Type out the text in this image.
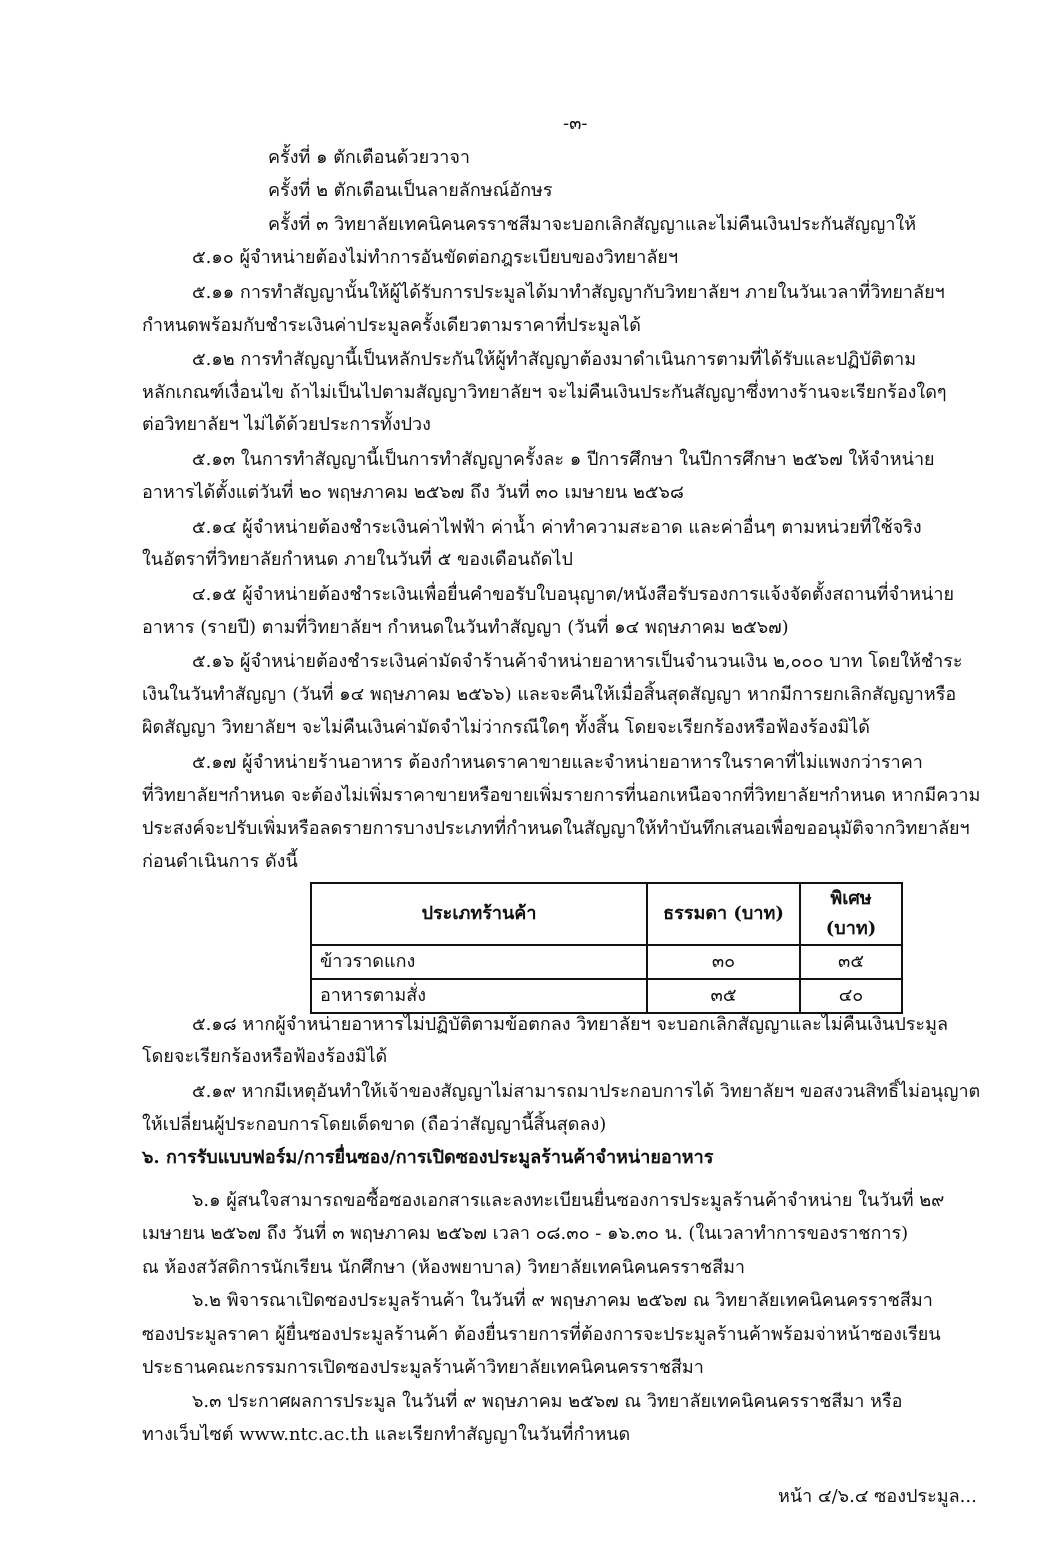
-๓-
ครั้งที่ ๑ ตักเตือนด้วยวาจา
ครั้งที่ ๒ ตักเตือนเป็นลายลักษณ์อักษร
ครั้งที่ ๓ วิทยาลัยเทคนิคนครราชสีมาจะบอกเลิกสัญญาและไม่คืนเงินประกันสัญญาให้
๕.๑๐ ผู้จำหน่ายต้องไม่ทำการอันขัดต่อกฎระเบียบของวิทยาลัยฯ
๕.๑๑ การทำสัญญานั้นให้ผู้ได้รับการประมูลได้มาทำสัญญากับวิทยาลัยฯ ภายในวันเวลาที่วิทยาลัยฯ
กำหนดพร้อมกับชำระเงินค่าประมูลครั้งเดียวตามราคาที่ประมูลได้
๕.๑๒ การทำสัญญานี้เป็นหลักประกันให้ผู้ทำสัญญาต้องมาดำเนินการตามที่ได้รับและปฏิบัติตาม
หลักเกณฑ์เงื่อนไข ถ้าไม่เป็นไปตามสัญญาวิทยาลัยฯ จะไม่คืนเงินประกันสัญญาซึ่งทางร้านจะเรียกร้องใดๆ
ต่อวิทยาลัยฯ ไม่ได้ด้วยประการทั้งปวง
๕.๑๓ ในการทำสัญญานี้เป็นการทำสัญญาครั้งละ ๑ ปีการศึกษา ในปีการศึกษา ๒๕๖๗ ให้จำหน่าย
อาหารได้ตั้งแต่วันที่ ๒๐ พฤษภาคม ๒๕๖๗ ถึง วันที่ ๓๐ เมษายน ๒๕๖๘
๕.๑๔ ผู้จำหน่ายต้องชำระเงินค่าไฟฟ้า ค่าน้ำ ค่าทำความสะอาด และค่าอื่นๆ ตามหน่วยที่ใช้จริง
ในอัตราที่วิทยาลัยกำหนด ภายในวันที่ ๕ ของเดือนถัดไป
๔.๑๕ ผู้จำหน่ายต้องชำระเงินเพื่อยื่นคำขอรับใบอนุญาต/หนังสือรับรองการแจ้งจัดตั้งสถานที่จำหน่าย
อาหาร (รายปี) ตามที่วิทยาลัยฯ กำหนดในวันทำสัญญา (วันที่ ๑๔ พฤษภาคม ๒๕๖๗)
๕.๑๖ ผู้จำหน่ายต้องชำระเงินค่ามัดจำร้านค้าจำหน่ายอาหารเป็นจำนวนเงิน ๒,๐๐๐ บาท โดยให้ชำระ
เงินในวันทำสัญญา (วันที่ ๑๔ พฤษภาคม ๒๕๖๖) และจะคืนให้เมื่อสิ้นสุดสัญญา หากมีการยกเลิกสัญญาหรือ
ผิดสัญญา วิทยาลัยฯ จะไม่คืนเงินค่ามัดจำไม่ว่ากรณีใดๆ ทั้งสิ้น โดยจะเรียกร้องหรือฟ้องร้องมิได้
๕.๑๗ ผู้จำหน่ายร้านอาหาร ต้องกำหนดราคาขายและจำหน่ายอาหารในราคาที่ไม่แพงกว่าราคา
ที่วิทยาลัยฯกำหนด จะต้องไม่เพิ่มราคาขายหรือขายเพิ่มรายการที่นอกเหนือจากที่วิทยาลัยฯกำหนด หากมีความ
ประสงค์จะปรับเพิ่มหรือลดรายการบางประเภทที่กำหนดในสัญญาให้ทำบันทึกเสนอเพื่อขออนุมัติจากวิทยาลัยฯ
ก่อนดำเนินการ ดังนี้
ประเภทร้านค้า	ธรรมดา (บาท)	พิเศษ (บาท)
ข้าวราดแกง	๓๐	๓๕
อาหารตามสั่ง	๓๕	๔๐
๕.๑๘ หากผู้จำหน่ายอาหารไม่ปฏิบัติตามข้อตกลง วิทยาลัยฯ จะบอกเลิกสัญญาและไม่คืนเงินประมูล
โดยจะเรียกร้องหรือฟ้องร้องมิได้
๕.๑๙ หากมีเหตุอันทำให้เจ้าของสัญญาไม่สามารถมาประกอบการได้ วิทยาลัยฯ ขอสงวนสิทธิ์ไม่อนุญาต
ให้เปลี่ยนผู้ประกอบการโดยเด็ดขาด (ถือว่าสัญญานี้สิ้นสุดลง)
๖. การรับแบบฟอร์ม/การยื่นซอง/การเปิดซองประมูลร้านค้าจำหน่ายอาหาร
๖.๑ ผู้สนใจสามารถขอซื้อซองเอกสารและลงทะเบียนยื่นซองการประมูลร้านค้าจำหน่าย ในวันที่ ๒๙
เมษายน ๒๕๖๗ ถึง วันที่ ๓ พฤษภาคม ๒๕๖๗ เวลา ๐๘.๓๐ - ๑๖.๓๐ น. (ในเวลาทำการของราชการ)
ณ ห้องสวัสดิการนักเรียน นักศึกษา (ห้องพยาบาล) วิทยาลัยเทคนิคนครราชสีมา
๖.๒ พิจารณาเปิดซองประมูลร้านค้า ในวันที่ ๙ พฤษภาคม ๒๕๖๗ ณ วิทยาลัยเทคนิคนครราชสีมา
ซองประมูลราคา ผู้ยื่นซองประมูลร้านค้า ต้องยื่นรายการที่ต้องการจะประมูลร้านค้าพร้อมจ่าหน้าซองเรียน
ประธานคณะกรรมการเปิดซองประมูลร้านค้าวิทยาลัยเทคนิคนครราชสีมา
๖.๓ ประกาศผลการประมูล ในวันที่ ๙ พฤษภาคม ๒๕๖๗ ณ วิทยาลัยเทคนิคนครราชสีมา หรือ
ทางเว็บไซต์ www.ntc.ac.th และเรียกทำสัญญาในวันที่กำหนด
หน้า ๔/๖.๔ ซองประมูล...
